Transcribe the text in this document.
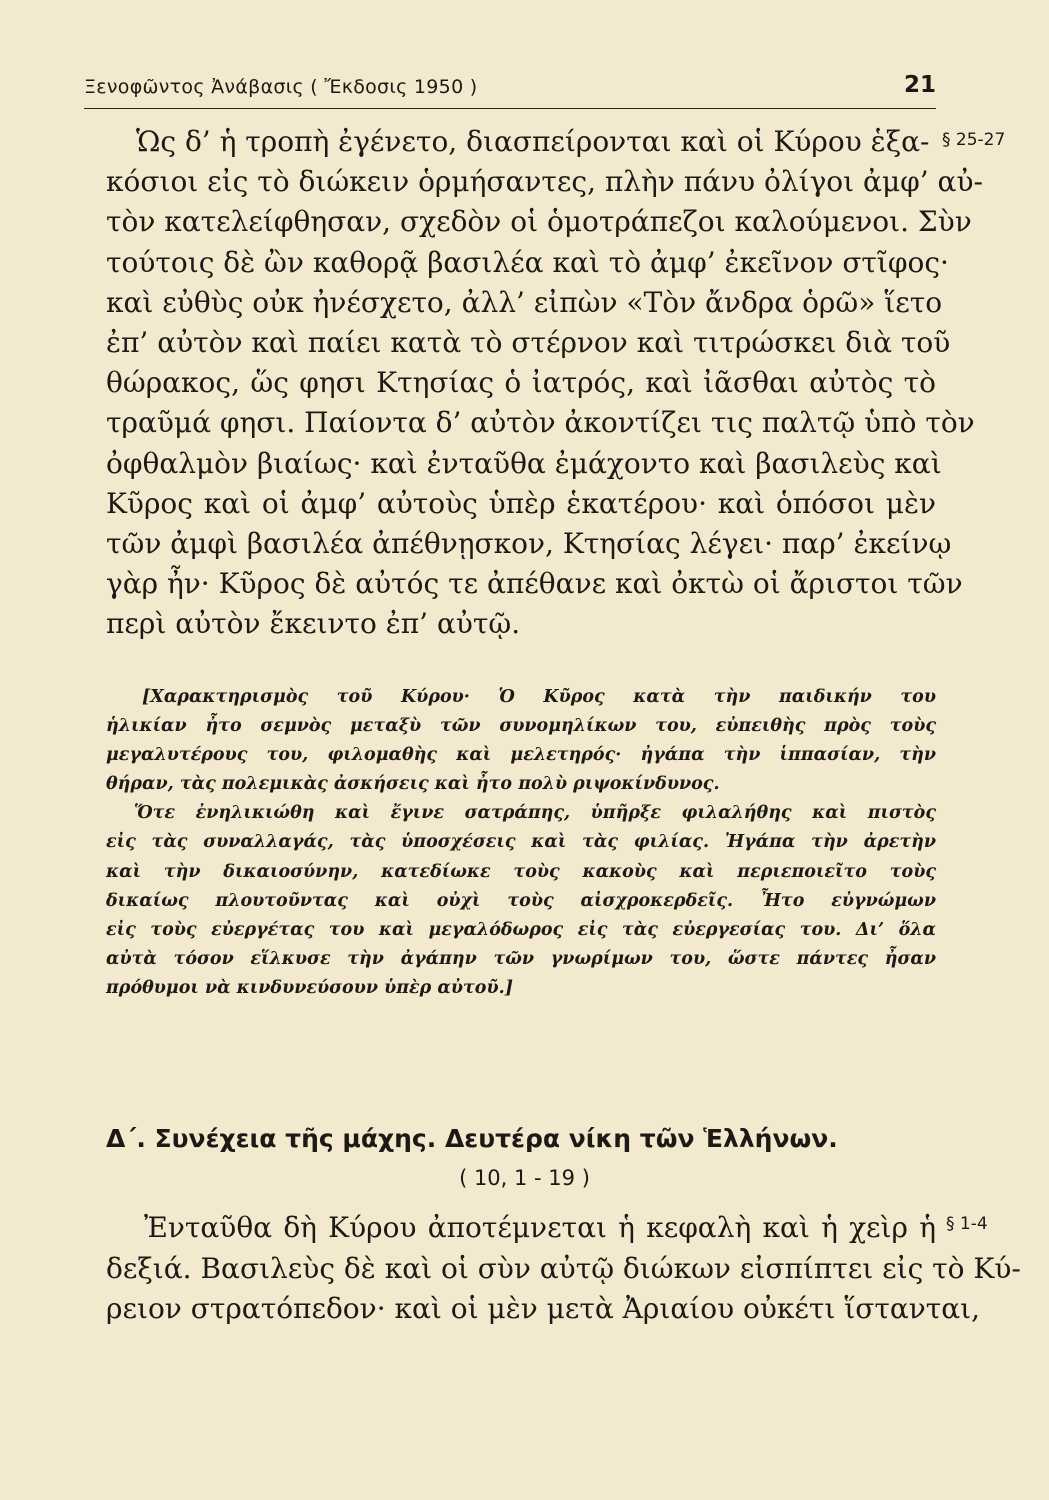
Ξενοφῶντος Ἀνάβασις ( Ἔκδοσις 1950 )	21
§ 25-27
Ὡς δ’ ἡ τροπὴ ἐγένετο, διασπείρονται καὶ οἱ Κύρου ἑξα-
κόσιοι εἰς τὸ διώκειν ὁρμήσαντες, πλὴν πάνυ ὀλίγοι ἀμφ’ αὐ-
τὸν κατελείφθησαν, σχεδὸν οἱ ὁμοτράπεζοι καλούμενοι. Σὺν
τούτοις δὲ ὢν καθορᾷ βασιλέα καὶ τὸ ἀμφ’ ἐκεῖνον στῖφος·
καὶ εὐθὺς οὐκ ἠνέσχετο, ἀλλ’ εἰπὼν «Τὸν ἄνδρα ὁρῶ» ἵετο
ἐπ’ αὐτὸν καὶ παίει κατὰ τὸ στέρνον καὶ τιτρώσκει διὰ τοῦ
θώρακος, ὥς φησι Κτησίας ὁ ἰατρός, καὶ ἰᾶσθαι αὐτὸς τὸ
τραῦμά φησι. Παίοντα δ’ αὐτὸν ἀκοντίζει τις παλτῷ ὑπὸ τὸν
ὀφθαλμὸν βιαίως· καὶ ἐνταῦθα ἐμάχοντο καὶ βασιλεὺς καὶ
Κῦρος καὶ οἱ ἀμφ’ αὐτοὺς ὑπὲρ ἑκατέρου· καὶ ὁπόσοι μὲν
τῶν ἀμφὶ βασιλέα ἀπέθνῃσκον, Κτησίας λέγει· παρ’ ἐκείνῳ
γὰρ ἦν· Κῦρος δὲ αὐτός τε ἀπέθανε καὶ ὀκτὼ οἱ ἄριστοι τῶν
περὶ αὐτὸν ἔκειντο ἐπ’ αὐτῷ.
[Χαρακτηρισμὸς τοῦ Κύρου· Ὁ Κῦρος κατὰ τὴν παιδικήν του
ἡλικίαν ἦτο σεμνὸς μεταξὺ τῶν συνομηλίκων του, εὐπειθὴς πρὸς τοὺς
μεγαλυτέρους του, φιλομαθὴς καὶ μελετηρός· ἠγάπα τὴν ἱππασίαν, τὴν
θήραν, τὰς πολεμικὰς ἀσκήσεις καὶ ἦτο πολὺ ριψοκίνδυνος.
Ὅτε ἐνηλικιώθη καὶ ἔγινε σατράπης, ὑπῆρξε φιλαλήθης καὶ πιστὸς
εἰς τὰς συναλλαγάς, τὰς ὑποσχέσεις καὶ τὰς φιλίας. Ἠγάπα τὴν ἀρετὴν
καὶ τὴν δικαιοσύνην, κατεδίωκε τοὺς κακοὺς καὶ περιεποιεῖτο τοὺς
δικαίως πλουτοῦντας καὶ οὐχὶ τοὺς αἰσχροκερδεῖς. Ἦτο εὐγνώμων
εἰς τοὺς εὐεργέτας του καὶ μεγαλόδωρος εἰς τὰς εὐεργεσίας του. Δι’ ὅλα
αὐτὰ τόσον εἵλκυσε τὴν ἀγάπην τῶν γνωρίμων του, ὥστε πάντες ἦσαν
πρόθυμοι νὰ κινδυνεύσουν ὑπὲρ αὐτοῦ.]
Δ΄. Συνέχεια τῆς μάχης. Δευτέρα νίκη τῶν Ἑλλήνων.
( 10, 1 - 19 )
§ 1-4
Ἐνταῦθα δὴ Κύρου ἀποτέμνεται ἡ κεφαλὴ καὶ ἡ χεὶρ ἡ
δεξιά. Βασιλεὺς δὲ καὶ οἱ σὺν αὐτῷ διώκων εἰσπίπτει εἰς τὸ Κύ-
ρειον στρατόπεδον· καὶ οἱ μὲν μετὰ Ἀριαίου οὐκέτι ἵστανται,
